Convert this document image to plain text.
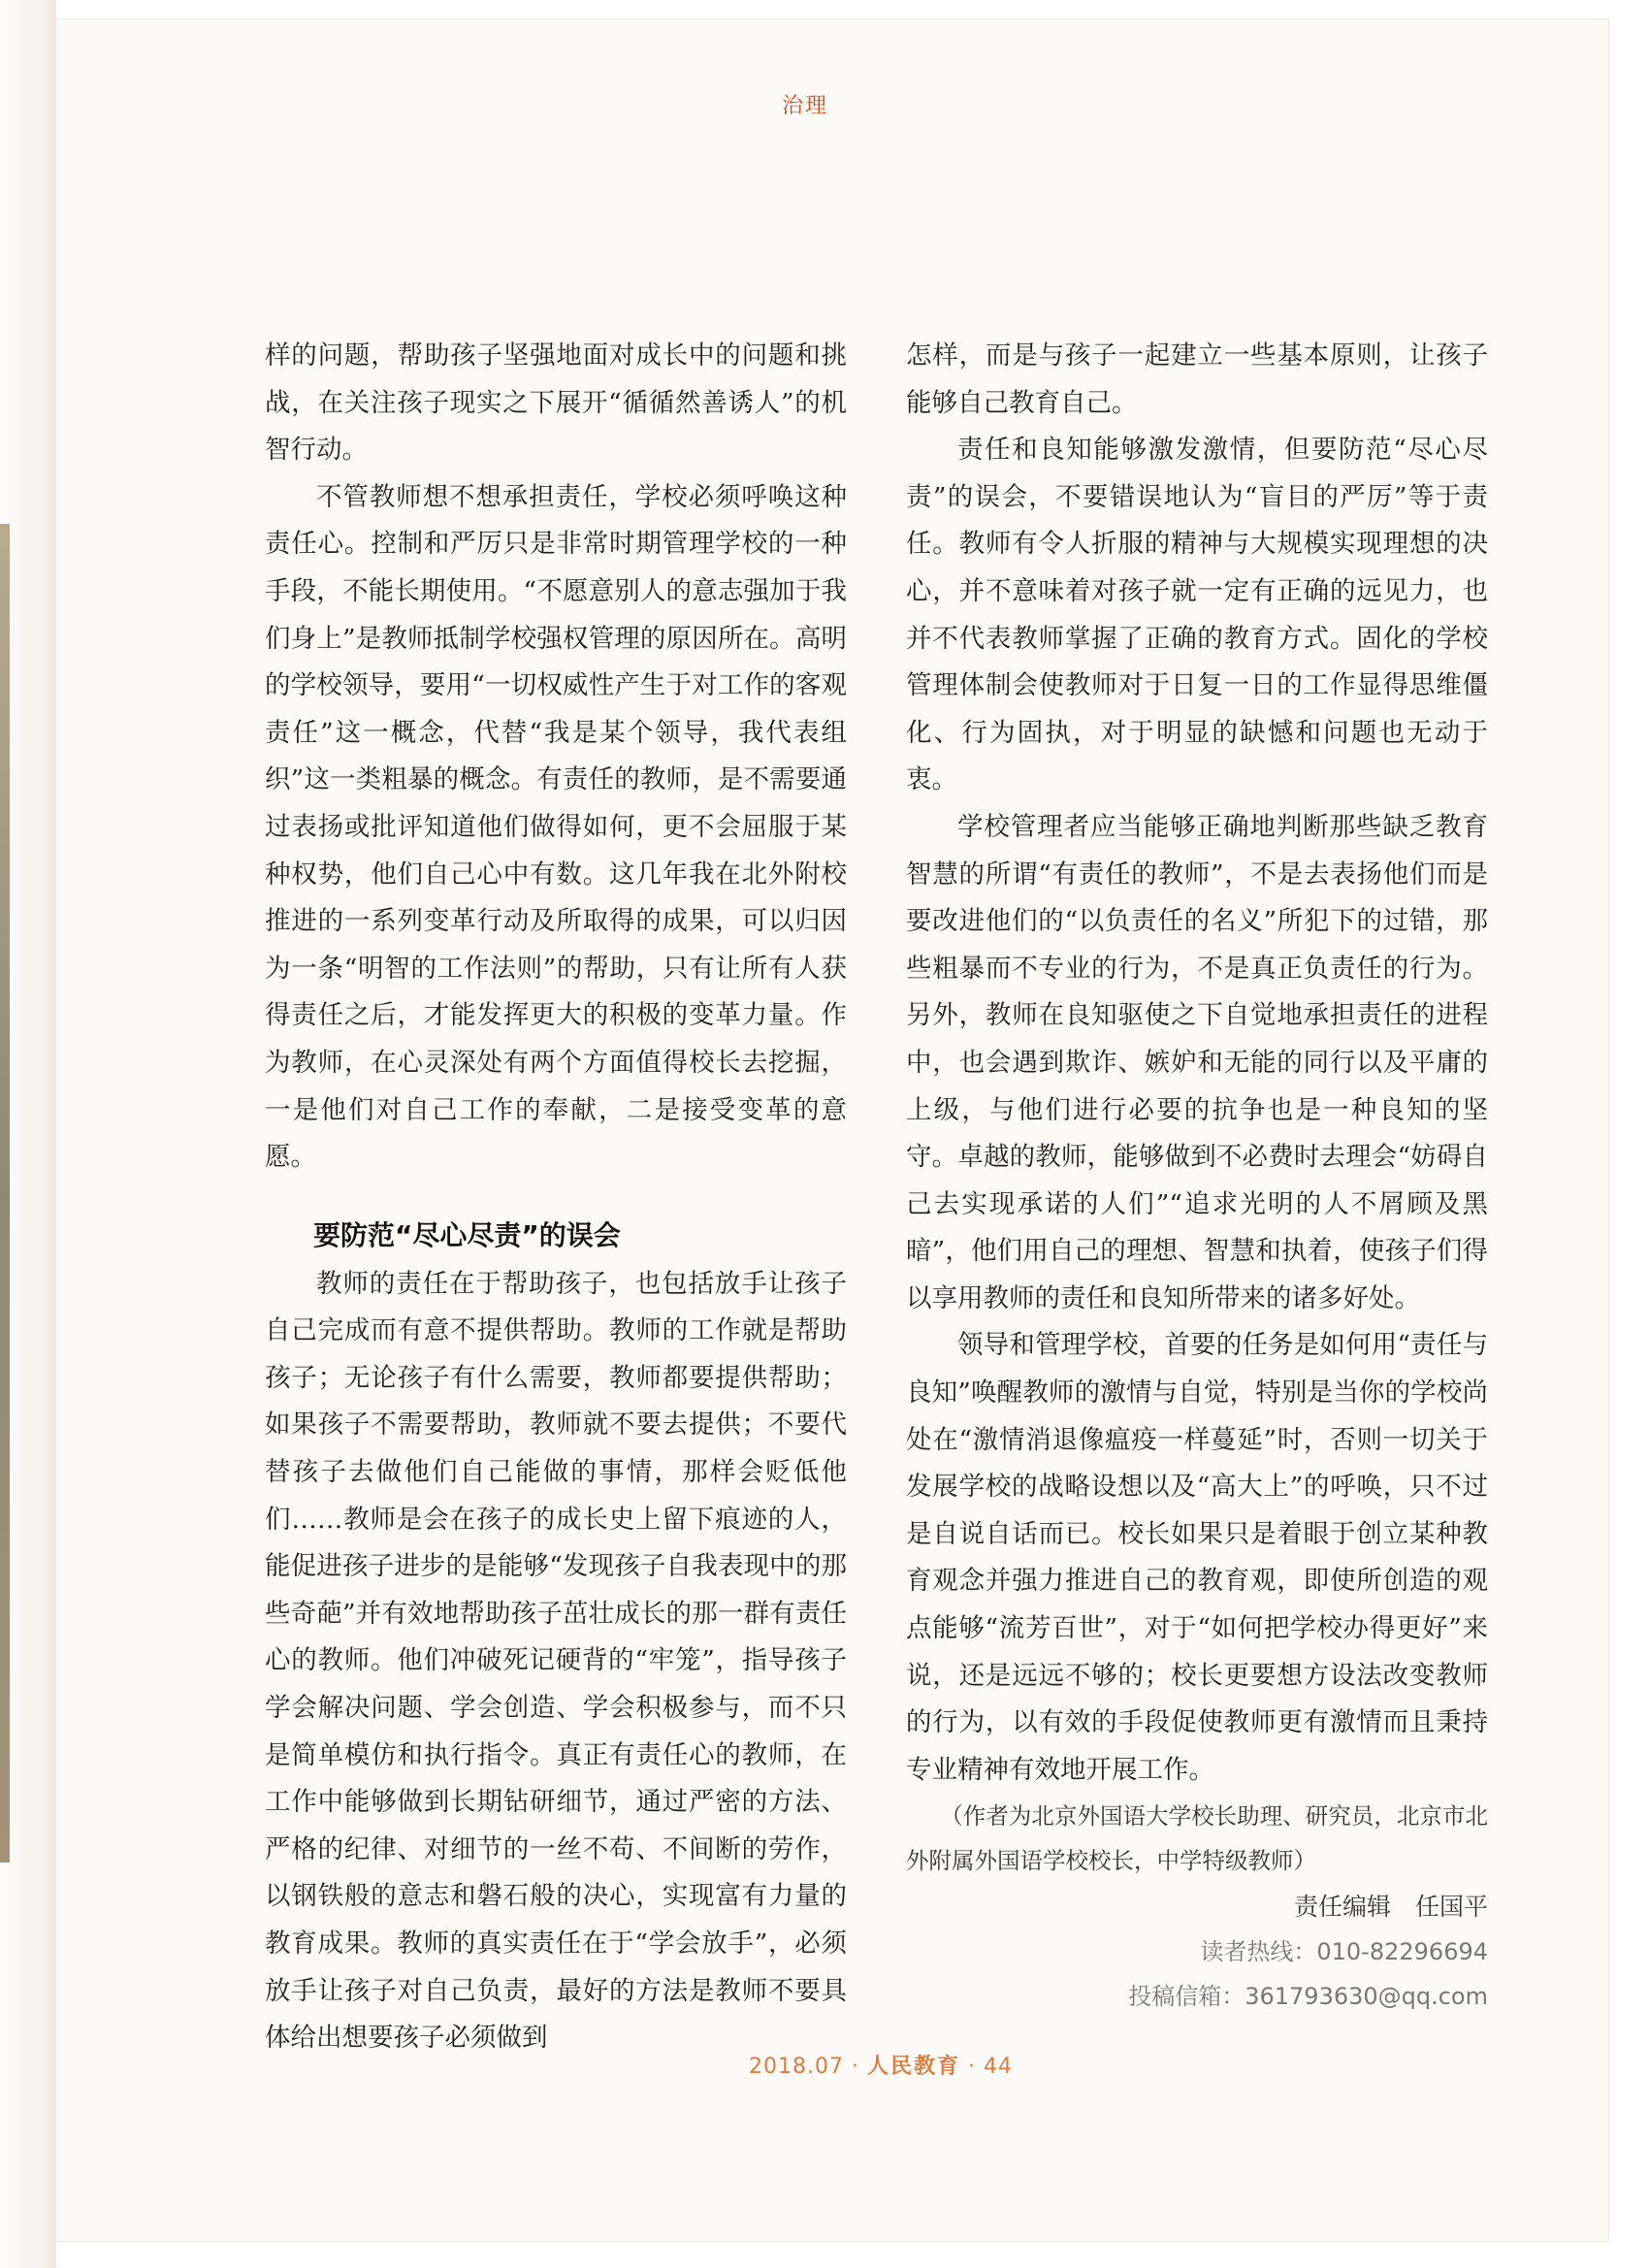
治理

样的问题，帮助孩子坚强地面对成长中的问题和挑战，在关注孩子现实之下展开“循循然善诱人”的机智行动。

不管教师想不想承担责任，学校必须呼唤这种责任心。控制和严厉只是非常时期管理学校的一种手段，不能长期使用。“不愿意别人的意志强加于我们身上”是教师抵制学校强权管理的原因所在。高明的学校领导，要用“一切权威性产生于对工作的客观责任”这一概念，代替“我是某个领导，我代表组织”这一类粗暴的概念。有责任的教师，是不需要通过表扬或批评知道他们做得如何，更不会屈服于某种权势，他们自己心中有数。这几年我在北外附校推进的一系列变革行动及所取得的成果，可以归因为一条“明智的工作法则”的帮助，只有让所有人获得责任之后，才能发挥更大的积极的变革力量。作为教师，在心灵深处有两个方面值得校长去挖掘，一是他们对自己工作的奉献，二是接受变革的意愿。

要防范“尽心尽责”的误会

教师的责任在于帮助孩子，也包括放手让孩子自己完成而有意不提供帮助。教师的工作就是帮助孩子；无论孩子有什么需要，教师都要提供帮助；如果孩子不需要帮助，教师就不要去提供；不要代替孩子去做他们自己能做的事情，那样会贬低他们……教师是会在孩子的成长史上留下痕迹的人，能促进孩子进步的是能够“发现孩子自我表现中的那些奇葩”并有效地帮助孩子茁壮成长的那一群有责任心的教师。他们冲破死记硬背的“牢笼”，指导孩子学会解决问题、学会创造、学会积极参与，而不只是简单模仿和执行指令。真正有责任心的教师，在工作中能够做到长期钻研细节，通过严密的方法、严格的纪律、对细节的一丝不苟、不间断的劳作，以钢铁般的意志和磐石般的决心，实现富有力量的教育成果。教师的真实责任在于“学会放手”，必须放手让孩子对自己负责，最好的方法是教师不要具体给出想要孩子必须做到

怎样，而是与孩子一起建立一些基本原则，让孩子能够自己教育自己。

责任和良知能够激发激情，但要防范“尽心尽责”的误会，不要错误地认为“盲目的严厉”等于责任。教师有令人折服的精神与大规模实现理想的决心，并不意味着对孩子就一定有正确的远见力，也并不代表教师掌握了正确的教育方式。固化的学校管理体制会使教师对于日复一日的工作显得思维僵化、行为固执，对于明显的缺憾和问题也无动于衷。

学校管理者应当能够正确地判断那些缺乏教育智慧的所谓“有责任的教师”，不是去表扬他们而是要改进他们的“以负责任的名义”所犯下的过错，那些粗暴而不专业的行为，不是真正负责任的行为。另外，教师在良知驱使之下自觉地承担责任的进程中，也会遇到欺诈、嫉妒和无能的同行以及平庸的上级，与他们进行必要的抗争也是一种良知的坚守。卓越的教师，能够做到不必费时去理会“妨碍自己去实现承诺的人们”“追求光明的人不屑顾及黑暗”，他们用自己的理想、智慧和执着，使孩子们得以享用教师的责任和良知所带来的诸多好处。

领导和管理学校，首要的任务是如何用“责任与良知”唤醒教师的激情与自觉，特别是当你的学校尚处在“激情消退像瘟疫一样蔓延”时，否则一切关于发展学校的战略设想以及“高大上”的呼唤，只不过是自说自话而已。校长如果只是着眼于创立某种教育观念并强力推进自己的教育观，即使所创造的观点能够“流芳百世”，对于“如何把学校办得更好”来说，还是远远不够的；校长更要想方设法改变教师的行为，以有效的手段促使教师更有激情而且秉持专业精神有效地开展工作。

（作者为北京外国语大学校长助理、研究员，北京市北外附属外国语学校校长，中学特级教师）

责任编辑　任国平
读者热线：010-82296694
投稿信箱：361793630@qq.com
2018.07 · 人民教育 · 44
